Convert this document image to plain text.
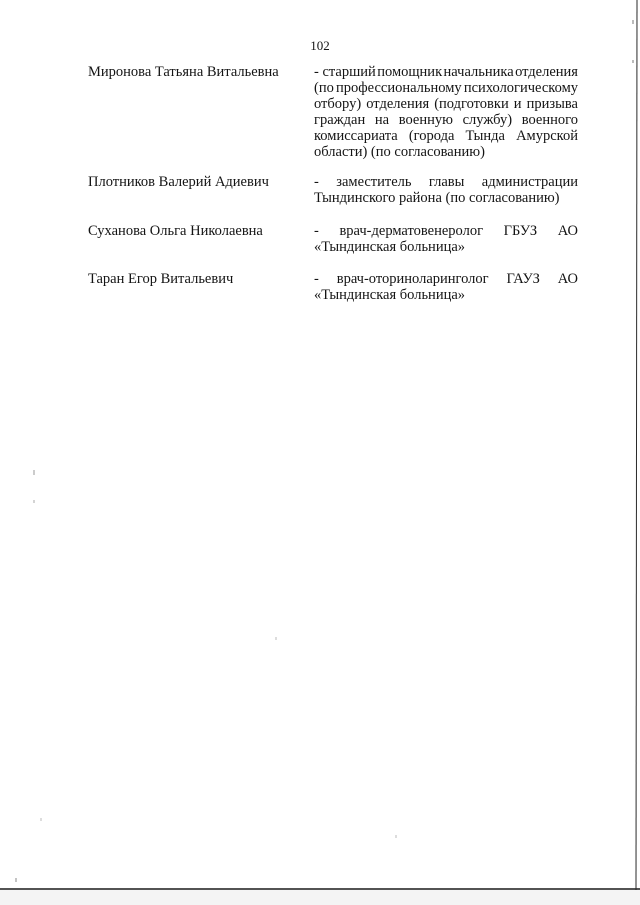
102
Миронова Татьяна Витальевна - старший помощник начальника отделения
(по профессиональному психологическому
отбору) отделения (подготовки и призыва
граждан на военную службу) военного
комиссариата (города Тында Амурской
области) (по согласованию)
Плотников Валерий Адиевич	- заместитель главы администрации
Тындинского района (по согласованию)
Суханова Ольга Николаевна	- врач-дерматовенеролог ГБУЗ АО
«Тындинская больница»
Таран Егор Витальевич	- врач-оториноларинголог ГАУЗ АО
«Тындинская больница»
